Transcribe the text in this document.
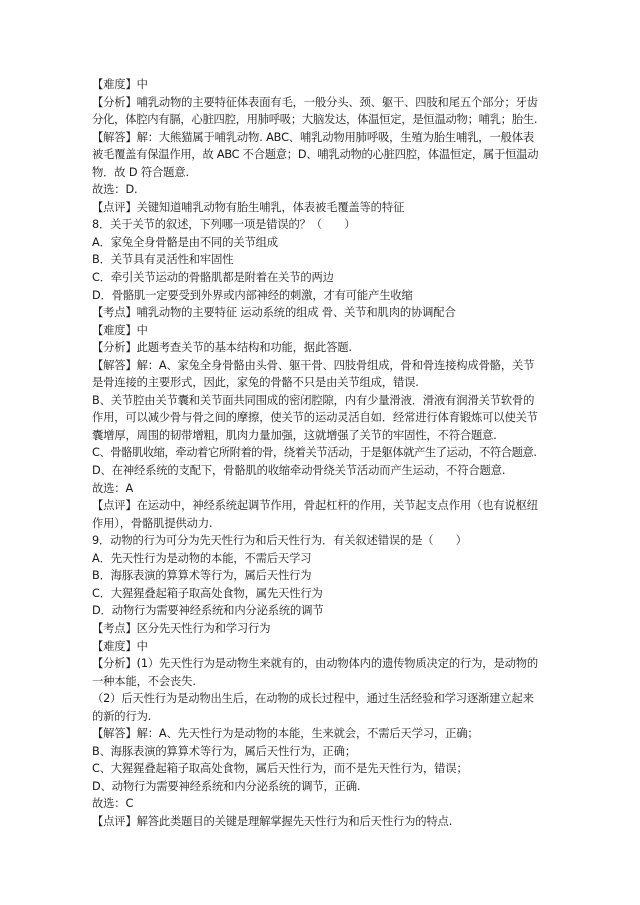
【难度】中
【分析】哺乳动物的主要特征体表面有毛，一般分头、颈、躯干、四肢和尾五个部分；牙齿
分化，体腔内有膈，心脏四腔，用肺呼吸；大脑发达，体温恒定，是恒温动物；哺乳；胎生.
【解答】解：大熊猫属于哺乳动物. ABC、哺乳动物用肺呼吸，生殖为胎生哺乳，一般体表
被毛覆盖有保温作用，故 ABC 不合题意；D、哺乳动物的心脏四腔，体温恒定，属于恒温动
物．故 D 符合题意.
故选：D.
【点评】关键知道哺乳动物有胎生哺乳，体表被毛覆盖等的特征
8．关于关节的叙述，下列哪一项是错误的？（　　）
A．家兔全身骨骼是由不同的关节组成
B．关节具有灵活性和牢固性
C．牵引关节运动的骨骼肌都是附着在关节的两边
D．骨骼肌一定要受到外界或内部神经的刺激，才有可能产生收缩
【考点】哺乳动物的主要特征 运动系统的组成 骨、关节和肌肉的协调配合
【难度】中
【分析】此题考查关节的基本结构和功能，据此答题.
【解答】解：A、家兔全身骨骼由头骨、躯干骨、四肢骨组成，骨和骨连接构成骨骼，关节
是骨连接的主要形式，因此，家兔的骨骼不只是由关节组成，错误.
B、关节腔由关节囊和关节面共同围成的密闭腔隙，内有少量滑液．滑液有润滑关节软骨的
作用，可以减少骨与骨之间的摩擦，使关节的运动灵活自如．经常进行体育锻炼可以使关节
囊增厚，周围的韧带增粗，肌肉力量加强，这就增强了关节的牢固性，不符合题意.
C、骨骼肌收缩，牵动着它所附着的骨，绕着关节活动，于是躯体就产生了运动，不符合题意.
D、在神经系统的支配下，骨骼肌的收缩牵动骨绕关节活动而产生运动，不符合题意.
故选：A
【点评】在运动中，神经系统起调节作用，骨起杠杆的作用，关节起支点作用（也有说枢纽
作用），骨骼肌提供动力.
9．动物的行为可分为先天性行为和后天性行为．有关叙述错误的是（　　）
A．先天性行为是动物的本能，不需后天学习
B．海豚表演的算算术等行为，属后天性行为
C．大猩猩叠起箱子取高处食物，属先天性行为
D．动物行为需要神经系统和内分泌系统的调节
【考点】区分先天性行为和学习行为
【难度】中
【分析】(1）先天性行为是动物生来就有的，由动物体内的遗传物质决定的行为，是动物的
一种本能，不会丧失.
（2）后天性行为是动物出生后，在动物的成长过程中，通过生活经验和学习逐渐建立起来
的新的行为.
【解答】解：A、先天性行为是动物的本能，生来就会，不需后天学习，正确；
B、海豚表演的算算术等行为，属后天性行为，正确；
C、大猩猩叠起箱子取高处食物，属后天性行为，而不是先天性行为，错误；
D、动物行为需要神经系统和内分泌系统的调节，正确.
故选：C
【点评】解答此类题目的关键是理解掌握先天性行为和后天性行为的特点.
